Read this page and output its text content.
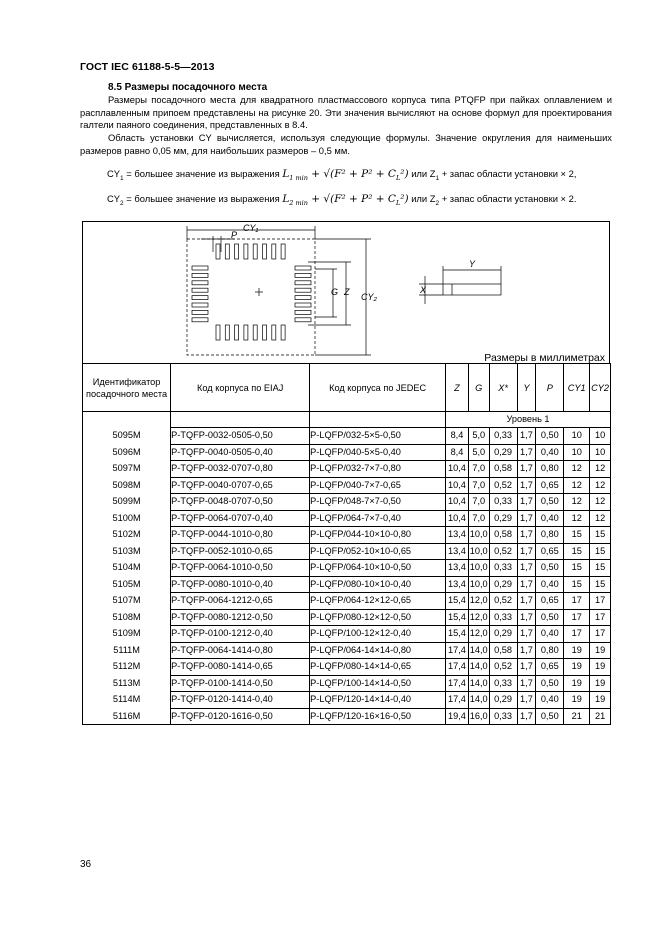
ГОСТ IEC 61188-5-5—2013
8.5 Размеры посадочного места
Размеры посадочного места для квадратного пластмассового корпуса типа PTQFP при пайках оплавлением и расплавленным припоем представлены на рисунке 20. Эти значения вычисляют на основе формул для проектирования галтели паяного соединения, представленных в 8.4.
Область установки CY вычисляется, используя следующие формулы. Значение округления для наименьших размеров равно 0,05 мм, для наибольших размеров – 0,5 мм.
$CY_1$ = большее значение из выражения $L_{1 min} + √(F^2 + P^2 + C_L^2)$ или $Z_1$ + запас области установки × 2,
$CY_2$ = большее значение из выражения $L_{2 min} + √(F^2 + P^2 + C_L^2)$ или $Z_2$ + запас области установки × 2.
CY₁
P
G Z CY₂
X
Y
Размеры в миллиметрах
Идентификатор посадочного места	Код корпуса по EIAJ	Код корпуса по JEDEC	Z	G	X*	Y	P	CY1	CY2
			Уровень 1						
5095M	P-TQFP-0032-0505-0,50	P-LQFP/032-5×5-0,50	8,4	5,0	0,33	1,7	0,50	10	10
5096M	P-TQFP-0040-0505-0,40	P-LQFP/040-5×5-0,40	8,4	5,0	0,29	1,7	0,40	10	10
5097M	P-TQFP-0032-0707-0,80	P-LQFP/032-7×7-0,80	10,4	7,0	0,58	1,7	0,80	12	12
5098M	P-TQFP-0040-0707-0,65	P-LQFP/040-7×7-0,65	10,4	7,0	0,52	1,7	0,65	12	12
5099M	P-TQFP-0048-0707-0,50	P-LQFP/048-7×7-0,50	10,4	7,0	0,33	1,7	0,50	12	12
5100M	P-TQFP-0064-0707-0,40	P-LQFP/064-7×7-0,40	10,4	7,0	0,29	1,7	0,40	12	12
5102M	P-TQFP-0044-1010-0,80	P-LQFP/044-10×10-0,80	13,4	10,0	0,58	1,7	0,80	15	15
5103M	P-TQFP-0052-1010-0,65	P-LQFP/052-10×10-0,65	13,4	10,0	0,52	1,7	0,65	15	15
5104M	P-TQFP-0064-1010-0,50	P-LQFP/064-10×10-0,50	13,4	10,0	0,33	1,7	0,50	15	15
5105M	P-TQFP-0080-1010-0,40	P-LQFP/080-10×10-0,40	13,4	10,0	0,29	1,7	0,40	15	15
5107M	P-TQFP-0064-1212-0,65	P-LQFP/064-12×12-0,65	15,4	12,0	0,52	1,7	0,65	17	17
5108M	P-TQFP-0080-1212-0,50	P-LQFP/080-12×12-0,50	15,4	12,0	0,33	1,7	0,50	17	17
5109M	P-TQFP-0100-1212-0,40	P-LQFP/100-12×12-0,40	15,4	12,0	0,29	1,7	0,40	17	17
5111M	P-TQFP-0064-1414-0,80	P-LQFP/064-14×14-0,80	17,4	14,0	0,58	1,7	0,80	19	19
5112M	P-TQFP-0080-1414-0,65	P-LQFP/080-14×14-0,65	17,4	14,0	0,52	1,7	0,65	19	19
5113M	P-TQFP-0100-1414-0,50	P-LQFP/100-14×14-0,50	17,4	14,0	0,33	1,7	0,50	19	19
5114M	P-TQFP-0120-1414-0,40	P-LQFP/120-14×14-0,40	17,4	14,0	0,29	1,7	0,40	19	19
5116M	P-TQFP-0120-1616-0,50	P-LQFP/120-16×16-0,50	19,4	16,0	0,33	1,7	0,50	21	21
36
